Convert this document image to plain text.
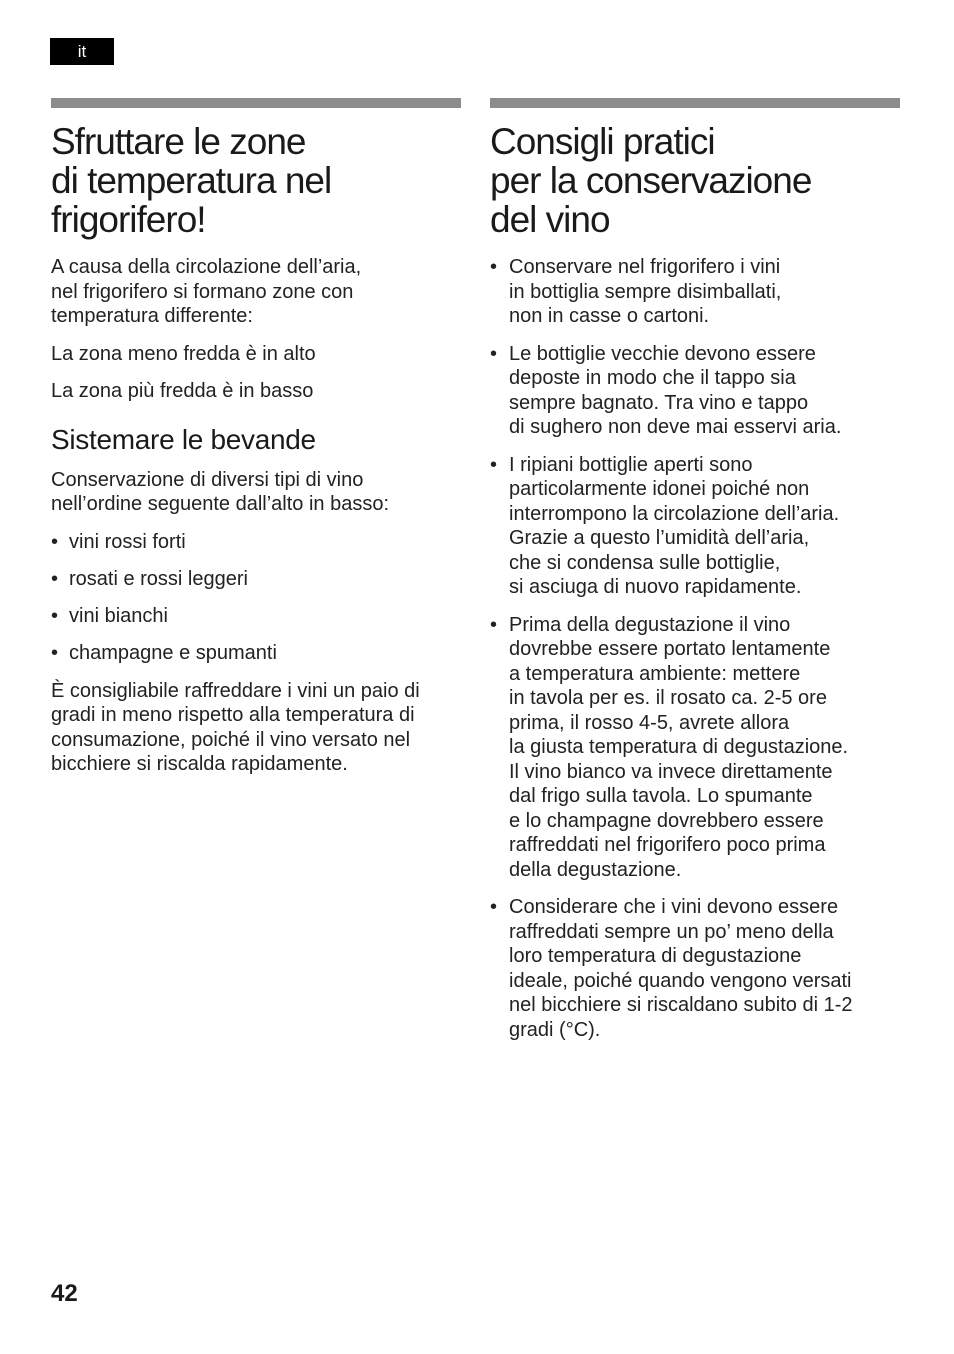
it
Sfruttare le zone
di temperatura nel
frigorifero!

A causa della circolazione dell’aria,
nel frigorifero si formano zone con
temperatura differente:

La zona meno fredda è in alto

La zona più fredda è in basso

Sistemare le bevande

Conservazione di diversi tipi di vino
nell’ordine seguente dall’alto in basso:

• vini rossi forti
• rosati e rossi leggeri
• vini bianchi
• champagne e spumanti

È consigliabile raffreddare i vini un paio di
gradi in meno rispetto alla temperatura di
consumazione, poiché il vino versato nel
bicchiere si riscalda rapidamente.

Consigli pratici
per la conservazione
del vino
• Conservare nel frigorifero i vini
in bottiglia sempre disimballati,
non in casse o cartoni.
• Le bottiglie vecchie devono essere
deposte in modo che il tappo sia
sempre bagnato. Tra vino e tappo
di sughero non deve mai esservi aria.
• I ripiani bottiglie aperti sono
particolarmente idonei poiché non
interrompono la circolazione dell’aria.
Grazie a questo l’umidità dell’aria,
che si condensa sulle bottiglie,
si asciuga di nuovo rapidamente.
• Prima della degustazione il vino
dovrebbe essere portato lentamente
a temperatura ambiente: mettere
in tavola per es. il rosato ca. 2-5 ore
prima, il rosso 4-5, avrete allora
la giusta temperatura di degustazione.
Il vino bianco va invece direttamente
dal frigo sulla tavola. Lo spumante
e lo champagne dovrebbero essere
raffreddati nel frigorifero poco prima
della degustazione.
• Considerare che i vini devono essere
raffreddati sempre un po’ meno della
loro temperatura di degustazione
ideale, poiché quando vengono versati
nel bicchiere si riscaldano subito di 1-2
gradi (°C).
42
